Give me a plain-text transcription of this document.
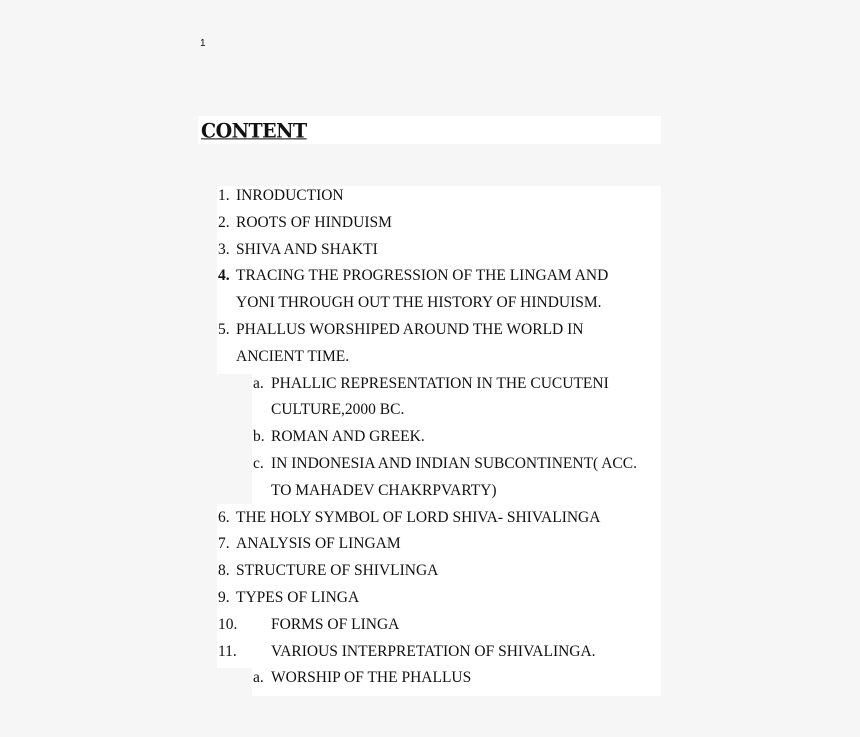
1
CONTENT
1. INRODUCTION
2. ROOTS OF HINDUISM
3. SHIVA AND SHAKTI
4. TRACING THE PROGRESSION OF THE LINGAM AND
YONI THROUGH OUT THE HISTORY OF HINDUISM.
5. PHALLUS WORSHIPED AROUND THE WORLD IN
ANCIENT TIME.
a. PHALLIC REPRESENTATION IN THE CUCUTENI
CULTURE,2000 BC.
b. ROMAN AND GREEK.
c. IN INDONESIA AND INDIAN SUBCONTINENT( ACC.
TO MAHADEV CHAKRPVARTY)
6. THE HOLY SYMBOL OF LORD SHIVA- SHIVALINGA
7. ANALYSIS OF LINGAM
8. STRUCTURE OF SHIVLINGA
9. TYPES OF LINGA
10. FORMS OF LINGA
11. VARIOUS INTERPRETATION OF SHIVALINGA.
a. WORSHIP OF THE PHALLUS
